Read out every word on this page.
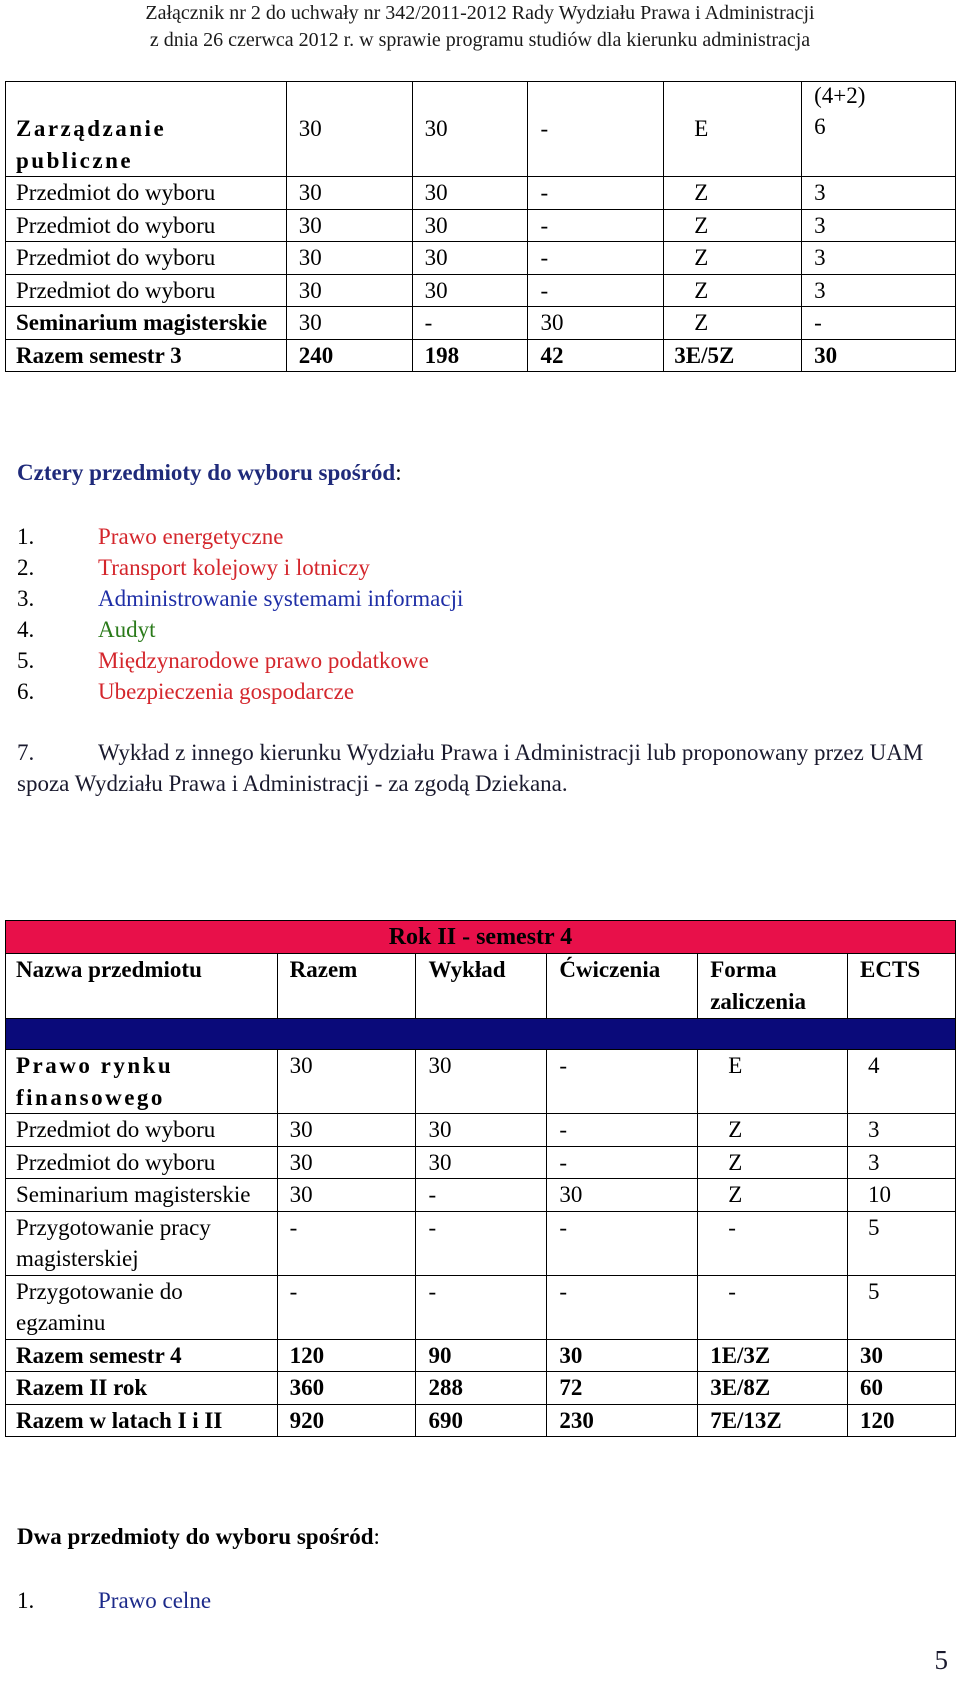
Załącznik nr 2 do uchwały nr 342/2011-2012 Rady Wydziału Prawa i Administracji
z dnia 26 czerwca 2012 r. w sprawie programu studiów dla kierunku administracja
Zarządzanie publiczne	30	30	-	E	(4+2)
					6
Przedmiot do wyboru	30	30	-	Z	3
Przedmiot do wyboru	30	30	-	Z	3
Przedmiot do wyboru	30	30	-	Z	3
Przedmiot do wyboru	30	30	-	Z	3
Seminarium magisterskie	30	-	30	Z	-
Razem semestr 3	240	198	42	3E/5Z	30
Cztery przedmioty do wyboru spośród:
1.	Prawo energetyczne
2.	Transport kolejowy i lotniczy
3.	Administrowanie systemami informacji
4.	Audyt
5.	Międzynarodowe prawo podatkowe
6.	Ubezpieczenia gospodarcze
7.	Wykład z innego kierunku Wydziału Prawa i Administracji lub proponowany przez UAM spoza Wydziału Prawa i Administracji - za zgodą Dziekana.
Rok II - semestr 4					
Nazwa przedmiotu	Razem	Wykład	Ćwiczenia	Forma zaliczenia	ECTS

Prawo rynku finansowego	30	30	-	E	4
Przedmiot do wyboru	30	30	-	Z	3
Przedmiot do wyboru	30	30	-	Z	3
Seminarium magisterskie	30	-	30	Z	10
Przygotowanie pracy magisterskiej	-	-	-	-	5
Przygotowanie do egzaminu	-	-	-	-	5
Razem semestr 4	120	90	30	1E/3Z	30
Razem II rok	360	288	72	3E/8Z	60
Razem w latach I i II	920	690	230	7E/13Z	120
Dwa przedmioty do wyboru spośród:
1.	Prawo celne
5
